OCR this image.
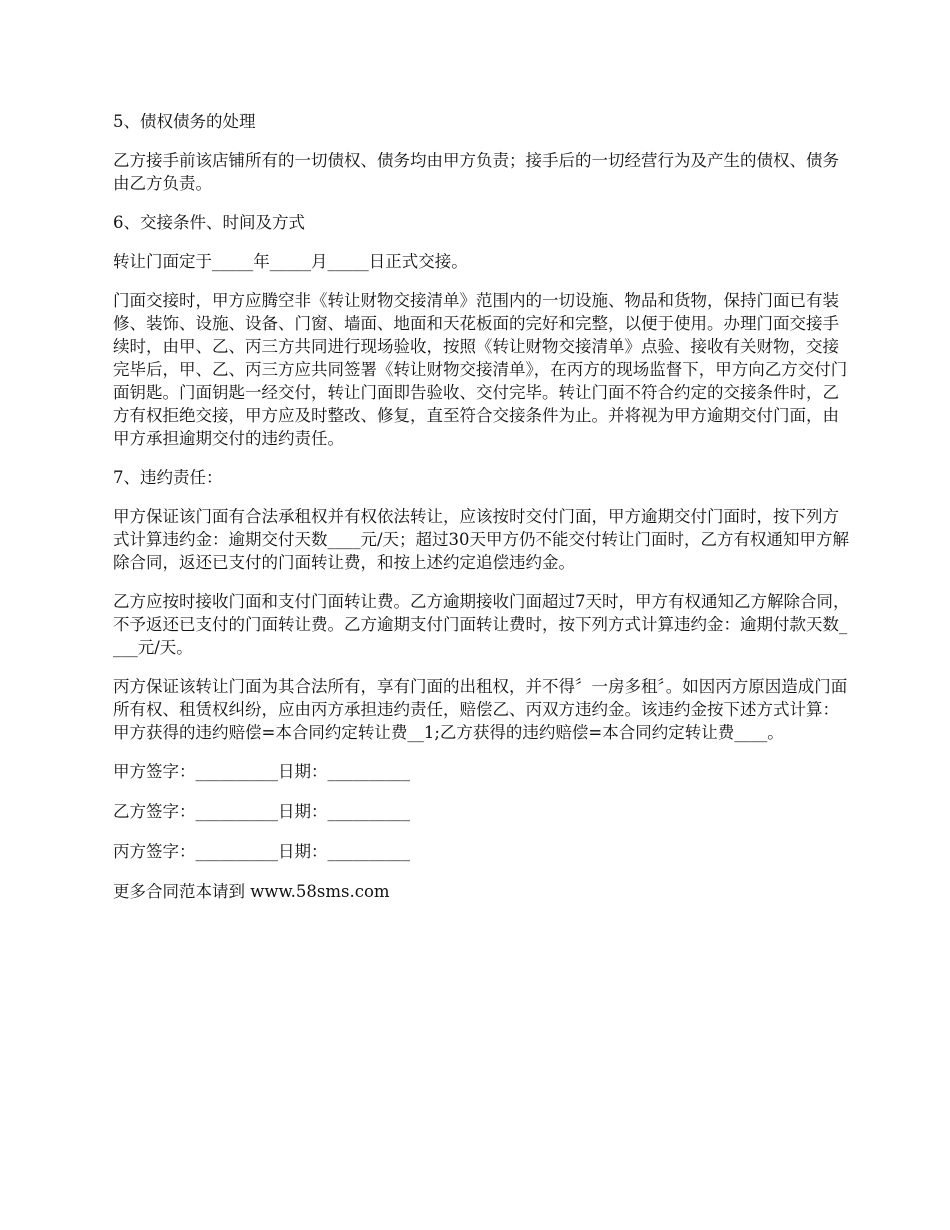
5、债权债务的处理

乙方接手前该店铺所有的一切债权、债务均由甲方负责；接手后的一切经营行为及产生的债权、债务由乙方负责。

6、交接条件、时间及方式

转让门面定于_____年_____月_____日正式交接。

门面交接时，甲方应腾空非《转让财物交接清单》范围内的一切设施、物品和货物，保持门面已有装修、装饰、设施、设备、门窗、墙面、地面和天花板面的完好和完整，以便于使用。办理门面交接手续时，由甲、乙、丙三方共同进行现场验收，按照《转让财物交接清单》点验、接收有关财物，交接完毕后，甲、乙、丙三方应共同签署《转让财物交接清单》，在丙方的现场监督下，甲方向乙方交付门面钥匙。门面钥匙一经交付，转让门面即告验收、交付完毕。转让门面不符合约定的交接条件时，乙方有权拒绝交接，甲方应及时整改、修复，直至符合交接条件为止。并将视为甲方逾期交付门面，由甲方承担逾期交付的违约责任。

7、违约责任：

甲方保证该门面有合法承租权并有权依法转让，应该按时交付门面，甲方逾期交付门面时，按下列方式计算违约金：逾期交付天数____元/天；超过30天甲方仍不能交付转让门面时，乙方有权通知甲方解除合同，返还已支付的门面转让费，和按上述约定追偿违约金。

乙方应按时接收门面和支付门面转让费。乙方逾期接收门面超过7天时，甲方有权通知乙方解除合同，不予返还已支付的门面转让费。乙方逾期支付门面转让费时，按下列方式计算违约金：逾期付款天数____元/天。

丙方保证该转让门面为其合法所有，享有门面的出租权，并不得〞一房多租〞。如因丙方原因造成门面所有权、租赁权纠纷，应由丙方承担违约责任，赔偿乙、丙双方违约金。该违约金按下述方式计算：甲方获得的违约赔偿=本合同约定转让费__1;乙方获得的违约赔偿=本合同约定转让费____。

甲方签字：__________日期：__________

乙方签字：__________日期：__________

丙方签字：__________日期：__________

更多合同范本请到 www.58sms.com
